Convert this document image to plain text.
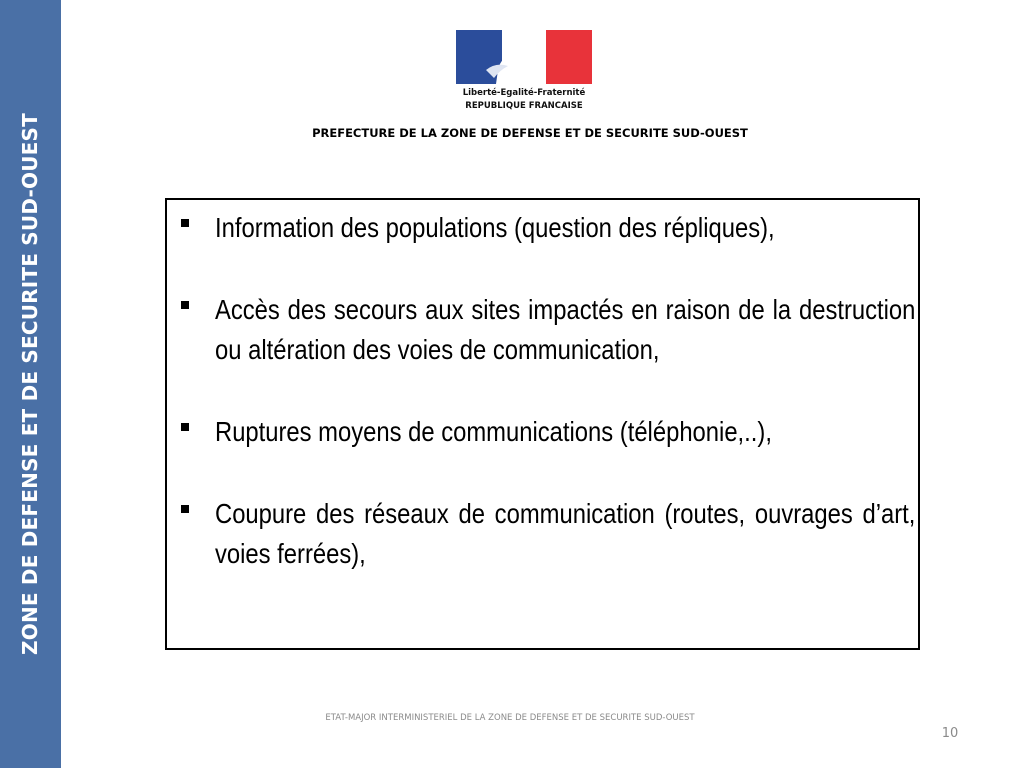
ZONE DE DEFENSE ET DE SECURITE SUD-OUEST
Liberté-Egalité-Fraternité
REPUBLIQUE FRANCAISE
PREFECTURE DE LA ZONE DE DEFENSE ET DE SECURITE SUD-OUEST
Information des populations (question des répliques),
Accès des secours aux sites impactés en raison de la destruction ou altération des voies de communication,
Ruptures moyens de communications (téléphonie,..),
Coupure des réseaux de communication (routes, ouvrages d’art, voies ferrées),
ETAT-MAJOR INTERMINISTERIEL DE LA ZONE DE DEFENSE ET DE SECURITE SUD-OUEST
10
